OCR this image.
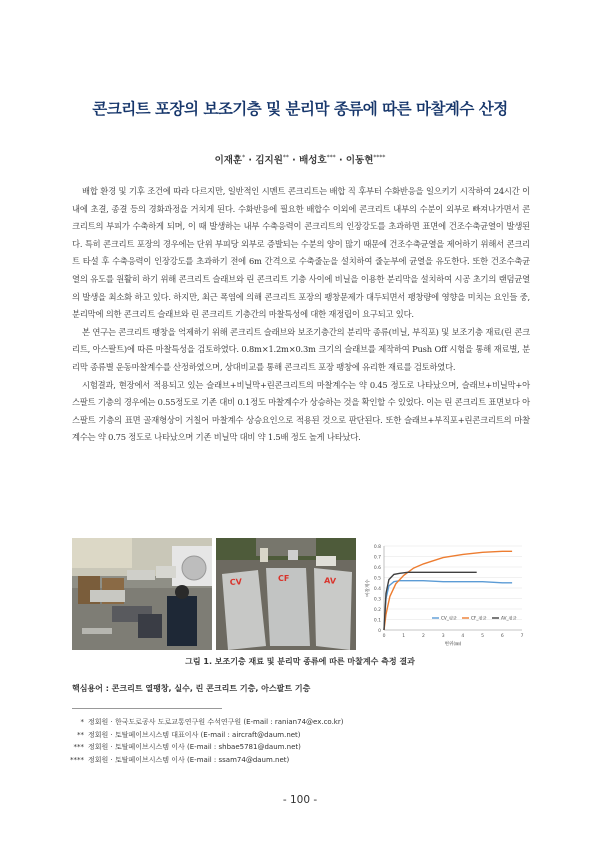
콘크리트 포장의 보조기층 및 분리막 종류에 따른 마찰계수 산정
이재훈* · 김지원** · 배성호*** · 이동현****

배합 환경 및 기후 조건에 따라 다르지만, 일반적인 시멘트 콘크리트는 배합 직 후부터 수화반응을 일으키기 시작하여 24시간 이내에 초결, 종결 등의 경화과정을 거치게 된다. 수화반응에 필요한 배합수 이외에 콘크리트 내부의 수분이 외부로 빠져나가면서 콘크리트의 부피가 수축하게 되며, 이 때 발생하는 내부 수축응력이 콘크리트의 인장강도를 초과하면 표면에 건조수축균열이 발생된다. 특히 콘크리트 포장의 경우에는 단위 부피당 외부로 증발되는 수분의 양이 많기 때문에 건조수축균열을 제어하기 위해서 콘크리트 타설 후 수축응력이 인장강도를 초과하기 전에 6m 간격으로 수축줄눈을 설치하여 줄눈부에 균열을 유도한다. 또한 건조수축균열의 유도를 원활히 하기 위해 콘크리트 슬래브와 린 콘크리트 기층 사이에 비닐을 이용한 분리막을 설치하여 시공 초기의 랜덤균열의 발생을 최소화 하고 있다. 하지만, 최근 폭염에 의해 콘크리트 포장의 팽창문제가 대두되면서 팽창량에 영향을 미치는 요인들 중, 분리막에 의한 콘크리트 슬래브와 린 콘크리트 기층간의 마찰특성에 대한 재정립이 요구되고 있다.

본 연구는 콘크리트 팽창을 억제하기 위해 콘크리트 슬래브와 보조기층간의 분리막 종류(비닐, 부직포) 및 보조기층 재료(린 콘크리트, 아스팔트)에 따른 마찰특성을 검토하였다. 0.8m×1.2m×0.3m 크기의 슬래브를 제작하여 Push Off 시험을 통해 재료별, 분리막 종류별 운동마찰계수를 산정하였으며, 상대비교를 통해 콘크리트 포장 팽창에 유리한 재료를 검토하였다.

시험결과, 현장에서 적용되고 있는 슬래브+비닐막+린콘크리트의 마찰계수는 약 0.45 정도로 나타났으며, 슬래브+비닐막+아스팔트 기층의 경우에는 0.55정도로 기존 대비 0.1정도 마찰계수가 상승하는 것을 확인할 수 있었다. 이는 린 콘크리트 표면보다 아스팔트 기층의 표면 골재형상이 거칠어 마찰계수 상승요인으로 적용된 것으로 판단된다. 또한 슬래브+부직포+린콘크리트의 마찰계수는 약 0.75 정도로 나타났으며 기존 비닐막 대비 약 1.5배 정도 높게 나타났다.

CV	CF	AV
0
0.1
0.2
0.3
0.4
0.5
0.6
0.7
0.8
0	1	2	3	4	5	6	7
변위(㎜)
마찰계수
CV_평균	CF_평균	AV_평균
그림 1. 보조기층 재료 및 분리막 종류에 따른 마찰계수 측정 결과
핵심용어 : 콘크리트 열팽창, 실수, 린 콘크리트 기층, 아스팔트 기층
* 정회원 · 한국도로공사 도로교통연구원 수석연구원 (E-mail : ranian74@ex.co.kr)
** 정회원 · 토탈페이브시스템 대표이사 (E-mail : aircraft@daum.net)
*** 정회원 · 토탈페이브시스템 이사 (E-mail : shbae5781@daum.net)
**** 정회원 · 토탈페이브시스템 이사 (E-mail : ssam74@daum.net)
- 100 -
